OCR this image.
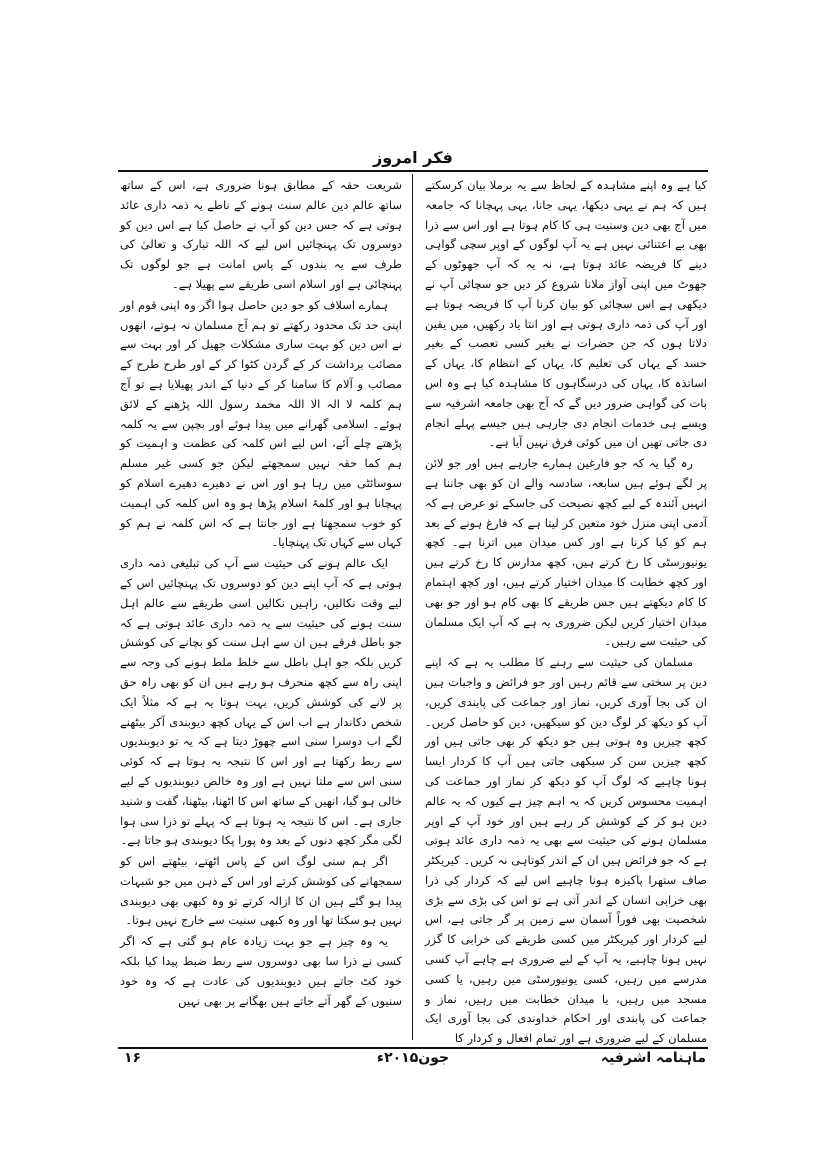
فکر امروز

کیا ہے وہ اپنے مشاہدہ کے لحاظ سے یہ برملا بیان کرسکتے ہیں کہ ہم نے یہی دیکھا، یہی جانا، یہی پہچانا کہ جامعہ میں آج بھی دین وسنیت ہی کا کام ہوتا ہے اور اس سے ذرا بھی بے اعتنائی نہیں ہے یہ آپ لوگوں کے اوپر سچی گواہی دینے کا فریضہ عائد ہوتا ہے، نہ یہ کہ آپ جھوٹوں کے جھوٹ میں اپنی آواز ملانا شروع کر دیں جو سچائی آپ نے دیکھی ہے اس سچائی کو بیان کرنا آپ کا فریضہ ہوتا ہے اور آپ کی ذمہ داری ہوتی ہے اور انتا یاد رکھیں، میں یقین دلاتا ہوں کہ جن حضرات نے بغیر کسی تعصب کے بغیر حسد کے یہاں کی تعلیم کا، یہاں کے انتظام کا، یہاں کے اساتذہ کا، یہاں کی درسگاہوں کا مشاہدہ کیا ہے وہ اس بات کی گواہی ضرور دیں گے کہ آج بھی جامعہ اشرفیہ سے ویسے ہی خدمات انجام دی جارہی ہیں جیسے پہلے انجام دی جاتی تھیں ان میں کوئی فرق نہیں آیا ہے۔

رہ گیا یہ کہ جو فارغین ہمارے جارہے ہیں اور جو لائن پر لگے ہوئے ہیں سابعہ، سادسہ والے ان کو بھی جاننا ہے انہیں آئندہ کے لیے کچھ نصیحت کی جاسکے تو عرض ہے کہ آدمی اپنی منزل خود متعین کر لیتا ہے کہ فارغ ہونے کے بعد ہم کو کیا کرنا ہے اور کس میدان میں اترنا ہے۔ کچھ یونیورسٹی کا رخ کرتے ہیں، کچھ مدارس کا رخ کرتے ہیں اور کچھ خطابت کا میدان اختیار کرتے ہیں، اور کچھ اہتمام کا کام دیکھتے ہیں جس طریقے کا بھی کام ہو اور جو بھی میدان اختیار کریں لیکن ضروری یہ ہے کہ آپ ایک مسلمان کی حیثیت سے رہیں۔

مسلمان کی حیثیت سے رہنے کا مطلب یہ ہے کہ اپنے دین پر سختی سے قائم رہیں اور جو فرائض و واجبات ہیں ان کی بجا آوری کریں، نماز اور جماعت کی پابندی کریں، آپ کو دیکھ کر لوگ دین کو سیکھیں، دین کو حاصل کریں۔ کچھ چیزیں وہ ہوتی ہیں جو دیکھ کر بھی جاتی ہیں اور کچھ چیزیں سن کر سیکھی جاتی ہیں آپ کا کردار ایسا ہونا چاہیے کہ لوگ آپ کو دیکھ کر نماز اور جماعت کی اہمیت محسوس کریں کہ یہ اہم چیز ہے کیوں کہ یہ عالم دین ہو کر کے کوشش کر رہے ہیں اور خود آپ کے اوپر مسلمان ہونے کی حیثیت سے بھی یہ ذمہ داری عائد ہوتی ہے کہ جو فرائض ہیں ان کے اندر کوتاہی نہ کریں۔ کیریکٹر صاف ستھرا پاکیزہ ہونا چاہیے اس لیے کہ کردار کی ذرا بھی خرابی انسان کے اندر آتی ہے تو اس کی بڑی سے بڑی شخصیت بھی فوراً آسمان سے زمین پر گر جاتی ہے، اس لیے کردار اور کیریکٹر میں کسی طریقے کی خرابی کا گزر نہیں ہونا چاہیے، یہ آپ کے لیے ضروری ہے چاہے آپ کسی مدرسے میں رہیں، کسی یونیورسٹی میں رہیں، یا کسی مسجد میں رہیں، یا میدان خطابت میں رہیں، نماز و جماعت کی پابندی اور احکام خداوندی کی بجا آوری ایک مسلمان کے لیے ضروری ہے اور تمام افعال و کردار کا

شریعت حقہ کے مطابق ہونا ضروری ہے، اس کے ساتھ ساتھ عالم دین عالم سنت ہونے کے ناطے یہ ذمہ داری عائد ہوتی ہے کہ جس دین کو آپ نے حاصل کیا ہے اس دین کو دوسروں تک پہنچائیں اس لیے کہ اللہ تبارک و تعالیٰ کی طرف سے یہ بندوں کے پاس امانت ہے جو لوگوں تک پہنچائی ہے اور اسلام اسی طریقے سے پھیلا ہے۔

ہمارے اسلاف کو جو دین حاصل ہوا اگر وہ اپنی قوم اور اپنی حد تک محدود رکھتے تو ہم آج مسلمان نہ ہوتے، انھوں نے اس دین کو بہت ساری مشکلات جھیل کر اور بہت سے مصائب برداشت کر کے گردن کٹوا کر کے اور طرح طرح کے مصائب و آلام کا سامنا کر کے دنیا کے اندر پھیلایا ہے تو آج ہم کلمہ لا الہ الا اللہ محمد رسول اللہ پڑھنے کے لائق ہوئے۔ اسلامی گھرانے میں پیدا ہوئے اور بچپن سے یہ کلمہ پڑھتے چلے آئے، اس لیے اس کلمہ کی عظمت و اہمیت کو ہم کما حقہ نہیں سمجھتے لیکن جو کسی غیر مسلم سوسائٹی میں رہا ہو اور اس نے دھیرے دھیرے اسلام کو پہچانا ہو اور کلمۂ اسلام پڑھا ہو وہ اس کلمہ کی اہمیت کو خوب سمجھتا ہے اور جانتا ہے کہ اس کلمہ نے ہم کو کہاں سے کہاں تک پہنچایا۔

ایک عالم ہونے کی حیثیت سے آپ کی تبلیغی ذمہ داری ہوتی ہے کہ آپ اپنے دین کو دوسروں تک پہنچائیں اس کے لیے وقت نکالیں، راہیں نکالیں اسی طریقے سے عالم اہل سنت ہونے کی حیثیت سے یہ ذمہ داری عائد ہوتی ہے کہ جو باطل فرقے ہیں ان سے اہل سنت کو بچانے کی کوشش کریں بلکہ جو اہل باطل سے خلط ملط ہونے کی وجہ سے اپنی راہ سے کچھ منحرف ہو رہے ہیں ان کو بھی راہ حق پر لانے کی کوشش کریں، بہت ہوتا یہ ہے کہ مثلاً ایک شخص دکاندار ہے اب اس کے یہاں کچھ دیوبندی آکر بیٹھنے لگے اب دوسرا سنی اسے چھوڑ دیتا ہے کہ یہ تو دیوبندیوں سے ربط رکھتا ہے اور اس کا نتیجہ یہ ہوتا ہے کہ کوئی سنی اس سے ملتا نہیں ہے اور وہ خالص دیوبندیوں کے لیے خالی ہو گیا، انھیں کے ساتھ اس کا اٹھنا، بیٹھنا، گفت و شنید جاری ہے۔ اس کا نتیجہ یہ ہوتا ہے کہ پہلے تو ذرا سی ہوا لگی مگر کچھ دنوں کے بعد وہ پورا پکا دیوبندی ہو جاتا ہے۔

اگر ہم سنی لوگ اس کے پاس اٹھتے، بیٹھتے اس کو سمجھانے کی کوشش کرتے اور اس کے ذہن میں جو شبہات پیدا ہو گئے ہیں ان کا ازالہ کرتے تو وہ کبھی بھی دیوبندی نہیں ہو سکتا تھا اور وہ کبھی سنیت سے خارج نہیں ہوتا۔

یہ وہ چیز ہے جو بہت زیادہ عام ہو گئی ہے کہ اگر کسی نے ذرا سا بھی دوسروں سے ربط ضبط پیدا کیا بلکہ خود کٹ جاتے ہیں دیوبندیوں کی عادت ہے کہ وہ خود سنیوں کے گھر آتے جاتے ہیں بھگانے پر بھی نہیں

ماہنامہ اشرفیہ
جون۲۰۱۵ء
۱۶
